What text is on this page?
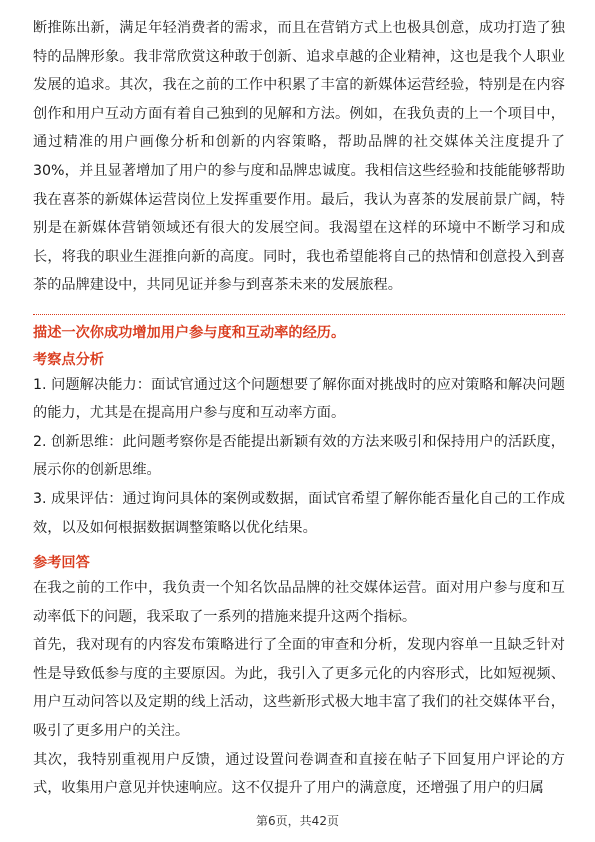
断推陈出新，满足年轻消费者的需求，而且在营销方式上也极具创意，成功打造了独特的品牌形象。我非常欣赏这种敢于创新、追求卓越的企业精神，这也是我个人职业发展的追求。其次，我在之前的工作中积累了丰富的新媒体运营经验，特别是在内容创作和用户互动方面有着自己独到的见解和方法。例如，在我负责的上一个项目中，通过精准的用户画像分析和创新的内容策略，帮助品牌的社交媒体关注度提升了30%，并且显著增加了用户的参与度和品牌忠诚度。我相信这些经验和技能能够帮助我在喜茶的新媒体运营岗位上发挥重要作用。最后，我认为喜茶的发展前景广阔，特别是在新媒体营销领域还有很大的发展空间。我渴望在这样的环境中不断学习和成长，将我的职业生涯推向新的高度。同时，我也希望能将自己的热情和创意投入到喜茶的品牌建设中，共同见证并参与到喜茶未来的发展旅程。

描述一次你成功增加用户参与度和互动率的经历。
考察点分析

1. 问题解决能力：面试官通过这个问题想要了解你面对挑战时的应对策略和解决问题的能力，尤其是在提高用户参与度和互动率方面。

2. 创新思维：此问题考察你是否能提出新颖有效的方法来吸引和保持用户的活跃度，展示你的创新思维。

3. 成果评估：通过询问具体的案例或数据，面试官希望了解你能否量化自己的工作成效，以及如何根据数据调整策略以优化结果。

参考回答

在我之前的工作中，我负责一个知名饮品品牌的社交媒体运营。面对用户参与度和互动率低下的问题，我采取了一系列的措施来提升这两个指标。

首先，我对现有的内容发布策略进行了全面的审查和分析，发现内容单一且缺乏针对性是导致低参与度的主要原因。为此，我引入了更多元化的内容形式，比如短视频、用户互动问答以及定期的线上活动，这些新形式极大地丰富了我们的社交媒体平台，吸引了更多用户的关注。

其次，我特别重视用户反馈，通过设置问卷调查和直接在帖子下回复用户评论的方式，收集用户意见并快速响应。这不仅提升了用户的满意度，还增强了用户的归属

第6页，共42页
